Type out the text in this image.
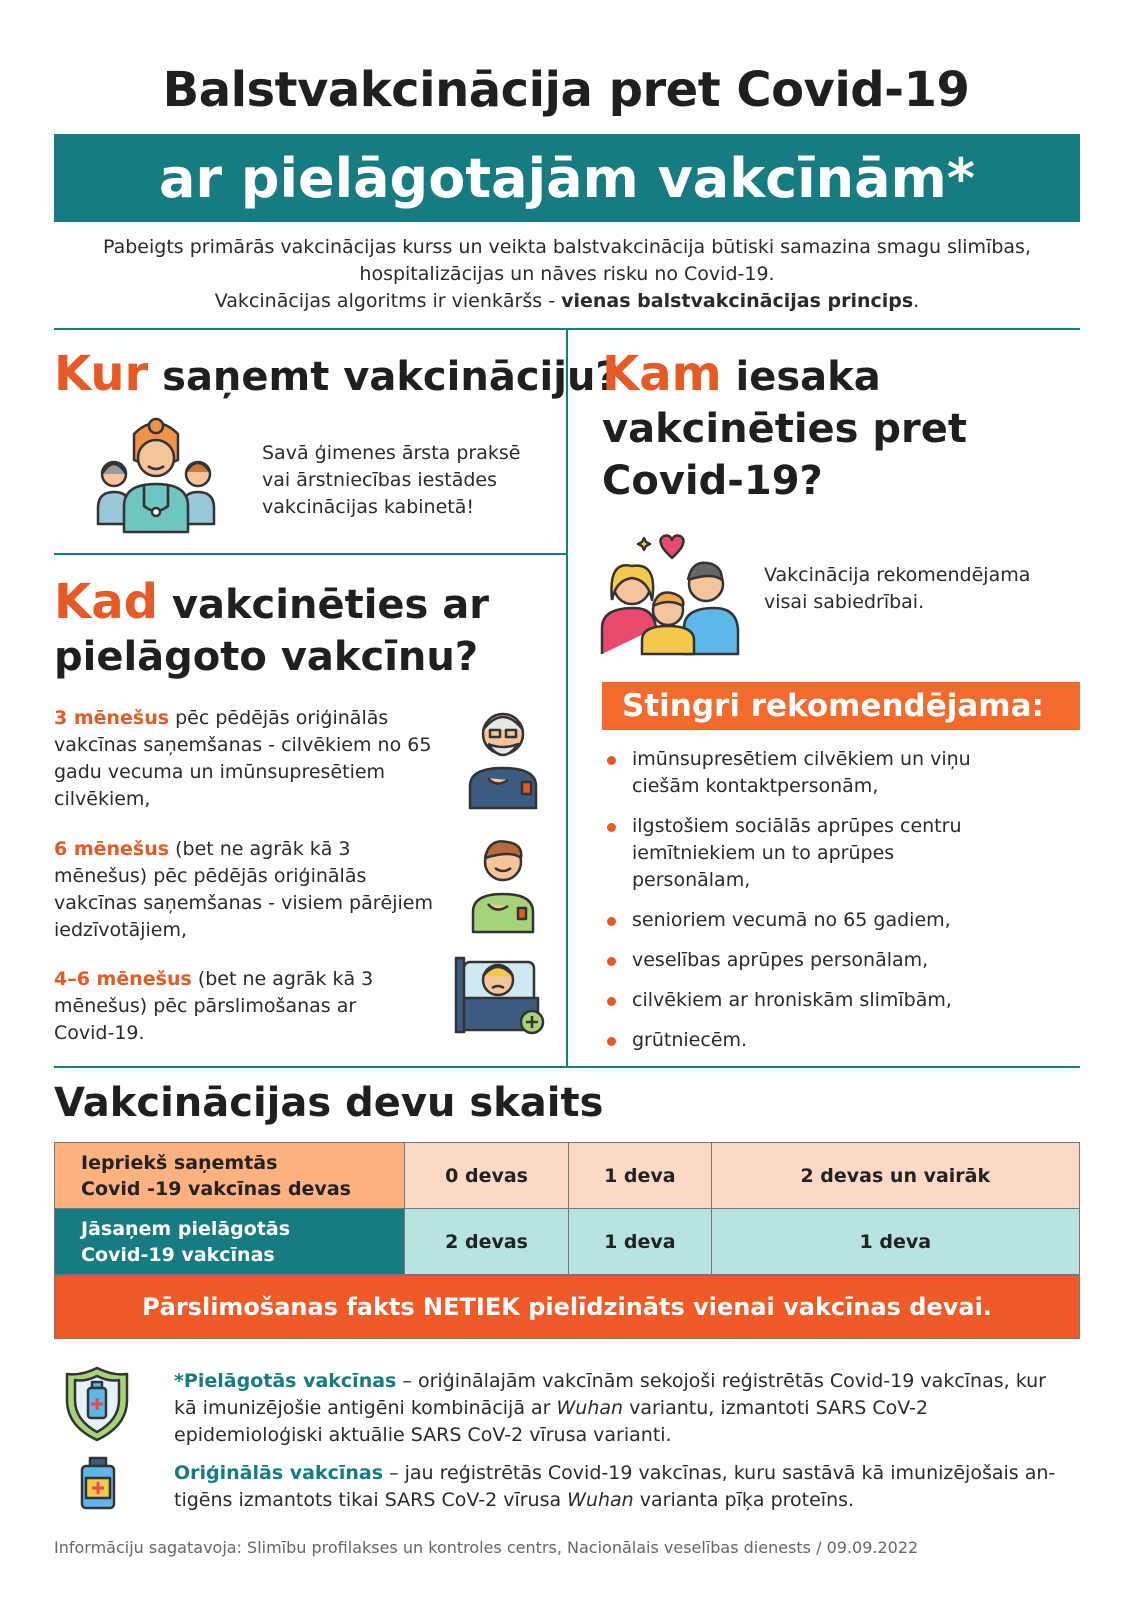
Balstvakcinācija pret Covid-19
ar pielāgotajām vakcīnām*
Pabeigts primārās vakcinācijas kurss un veikta balstvakcinācija būtiski samazina smagu slimības,
hospitalizācijas un nāves risku no Covid-19.
Vakcinācijas algoritms ir vienkāršs - vienas balstvakcinācijas princips.
Kur saņemt vakcināciju?
Savā ģimenes ārsta praksē vai ārstniecības iestādes vakcinācijas kabinetā!
Kad vakcinēties ar
pielāgoto vakcīnu?
3 mēnešus pēc pēdējās oriģinālās vakcīnas saņemšanas - cilvēkiem no 65 gadu vecuma un imūnsupresētiem cilvēkiem,
6 mēnešus (bet ne agrāk kā 3 mēnešus) pēc pēdējās oriģinālās vakcīnas saņemšanas - visiem pārējiem iedzīvotājiem,
4–6 mēnešus (bet ne agrāk kā 3 mēnešus) pēc pārslimošanas ar Covid-19.
Kam iesaka
vakcinēties pret
Covid-19?
Vakcinācija rekomendējama visai sabiedrībai.
Stingri rekomendējama:
imūnsupresētiem cilvēkiem un viņu ciešām kontaktpersonām,
ilgstošiem sociālās aprūpes centru iemītniekiem un to aprūpes personālam,
senioriem vecumā no 65 gadiem,
veselības aprūpes personālam,
cilvēkiem ar hroniskām slimībām,
grūtniecēm.
Vakcinācijas devu skaits
Iepriekš saņemtās
Covid -19 vakcīnas devas	0 devas	1 deva	2 devas un vairāk

Jāsaņem pielāgotās
Covid-19 vakcīnas	2 devas	1 deva	1 deva
Pārslimošanas fakts
NETIEK
pielīdzināts vienai vakcīnas devai.
*Pielāgotās vakcīnas – oriģinālajām vakcīnām sekojoši reģistrētās Covid-19 vakcīnas, kur kā imunizējošie antigēni kombinācijā ar Wuhan variantu, izmantoti SARS CoV-2 epidemioloģiski aktuālie SARS CoV-2 vīrusa varianti.
Oriģinālās vakcīnas – jau reģistrētās Covid-19 vakcīnas, kuru sastāvā kā imunizējošais an-tigēns izmantots tikai SARS CoV-2 vīrusa Wuhan varianta pīķa proteīns.
Informāciju sagatavoja: Slimību profilakses un kontroles centrs, Nacionālais veselības dienests / 09.09.2022
